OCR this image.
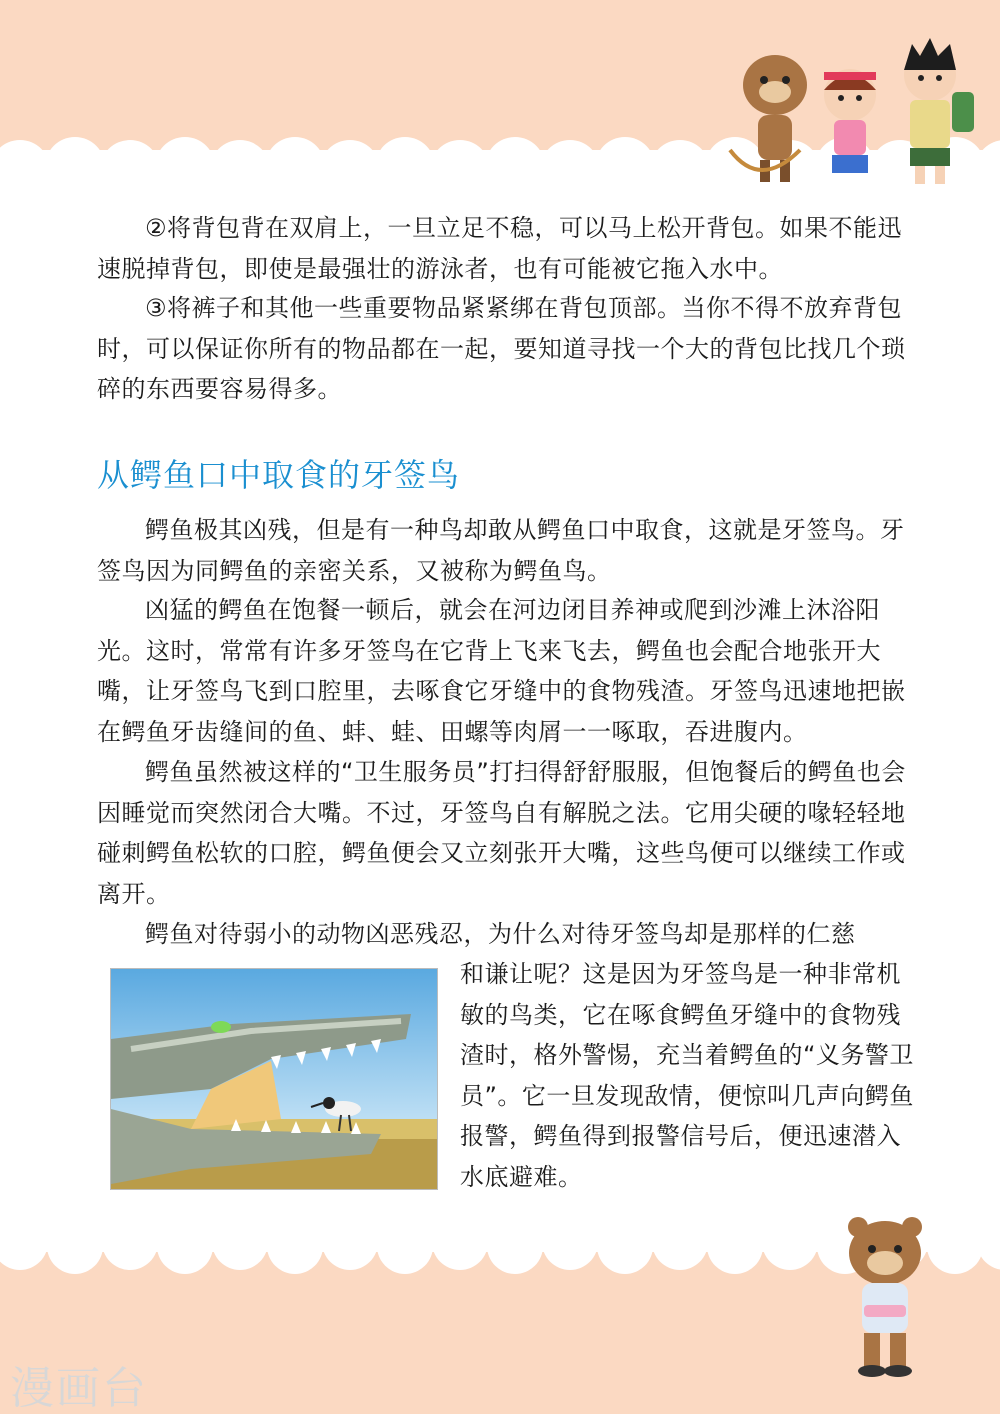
②将背包背在双肩上，一旦立足不稳，可以马上松开背包。如果不能迅速脱掉背包，即使是最强壮的游泳者，也有可能被它拖入水中。

③将裤子和其他一些重要物品紧紧绑在背包顶部。当你不得不放弃背包时，可以保证你所有的物品都在一起，要知道寻找一个大的背包比找几个琐碎的东西要容易得多。

从鳄鱼口中取食的牙签鸟

鳄鱼极其凶残，但是有一种鸟却敢从鳄鱼口中取食，这就是牙签鸟。牙签鸟因为同鳄鱼的亲密关系，又被称为鳄鱼鸟。

凶猛的鳄鱼在饱餐一顿后，就会在河边闭目养神或爬到沙滩上沐浴阳光。这时，常常有许多牙签鸟在它背上飞来飞去，鳄鱼也会配合地张开大嘴，让牙签鸟飞到口腔里，去啄食它牙缝中的食物残渣。牙签鸟迅速地把嵌在鳄鱼牙齿缝间的鱼、蚌、蛙、田螺等肉屑一一啄取，吞进腹内。

鳄鱼虽然被这样的“卫生服务员”打扫得舒舒服服，但饱餐后的鳄鱼也会因睡觉而突然闭合大嘴。不过，牙签鸟自有解脱之法。它用尖硬的喙轻轻地碰刺鳄鱼松软的口腔，鳄鱼便会又立刻张开大嘴，这些鸟便可以继续工作或离开。

鳄鱼对待弱小的动物凶恶残忍，为什么对待牙签鸟却是那样的仁慈

和谦让呢？这是因为牙签鸟是一种非常机敏的鸟类，它在啄食鳄鱼牙缝中的食物残渣时，格外警惕，充当着鳄鱼的“义务警卫员”。它一旦发现敌情，便惊叫几声向鳄鱼报警，鳄鱼得到报警信号后，便迅速潜入水底避难。

漫画台
